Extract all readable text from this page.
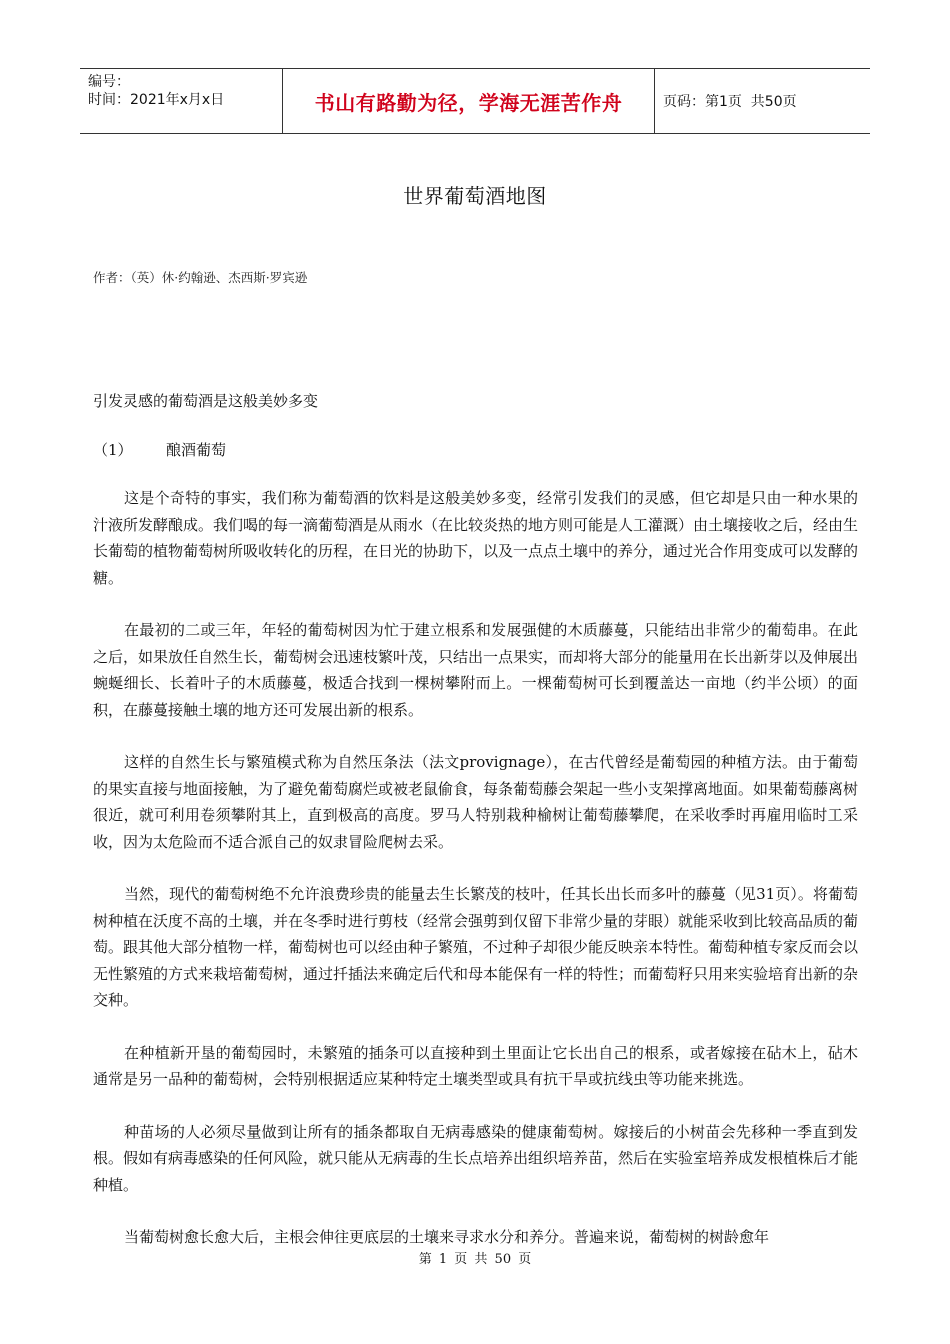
编号：
时间：2021年x月x日	书山有路勤为径，学海无涯苦作舟	页码：第1页  共50页
世界葡萄酒地图
作者：（英）休·约翰逊、杰西斯·罗宾逊
引发灵感的葡萄酒是这般美妙多变
（1）	酿酒葡萄

这是个奇特的事实，我们称为葡萄酒的饮料是这般美妙多变，经常引发我们的灵感，但它却是只由一种水果的汁液所发酵酿成。我们喝的每一滴葡萄酒是从雨水（在比较炎热的地方则可能是人工灌溉）由土壤接收之后，经由生长葡萄的植物葡萄树所吸收转化的历程，在日光的协助下，以及一点点土壤中的养分，通过光合作用变成可以发酵的糖。

在最初的二或三年，年轻的葡萄树因为忙于建立根系和发展强健的木质藤蔓，只能结出非常少的葡萄串。在此之后，如果放任自然生长，葡萄树会迅速枝繁叶茂，只结出一点果实，而却将大部分的能量用在长出新芽以及伸展出蜿蜒细长、长着叶子的木质藤蔓，极适合找到一棵树攀附而上。一棵葡萄树可长到覆盖达一亩地（约半公顷）的面积，在藤蔓接触土壤的地方还可发展出新的根系。

这样的自然生长与繁殖模式称为自然压条法（法文provignage），在古代曾经是葡萄园的种植方法。由于葡萄的果实直接与地面接触，为了避免葡萄腐烂或被老鼠偷食，每条葡萄藤会架起一些小支架撑离地面。如果葡萄藤离树很近，就可利用卷须攀附其上，直到极高的高度。罗马人特别栽种榆树让葡萄藤攀爬，在采收季时再雇用临时工采收，因为太危险而不适合派自己的奴隶冒险爬树去采。

当然，现代的葡萄树绝不允许浪费珍贵的能量去生长繁茂的枝叶，任其长出长而多叶的藤蔓（见31页）。将葡萄树种植在沃度不高的土壤，并在冬季时进行剪枝（经常会强剪到仅留下非常少量的芽眼）就能采收到比较高品质的葡萄。跟其他大部分植物一样，葡萄树也可以经由种子繁殖，不过种子却很少能反映亲本特性。葡萄种植专家反而会以无性繁殖的方式来栽培葡萄树，通过扦插法来确定后代和母本能保有一样的特性；而葡萄籽只用来实验培育出新的杂交种。

在种植新开垦的葡萄园时，未繁殖的插条可以直接种到土里面让它长出自己的根系，或者嫁接在砧木上，砧木通常是另一品种的葡萄树，会特别根据适应某种特定土壤类型或具有抗干旱或抗线虫等功能来挑选。

种苗场的人必须尽量做到让所有的插条都取自无病毒感染的健康葡萄树。嫁接后的小树苗会先移种一季直到发根。假如有病毒感染的任何风险，就只能从无病毒的生长点培养出组织培养苗，然后在实验室培养成发根植株后才能种植。

当葡萄树愈长愈大后，主根会伸往更底层的土壤来寻求水分和养分。普遍来说，葡萄树的树龄愈年

第 1 页 共 50 页
